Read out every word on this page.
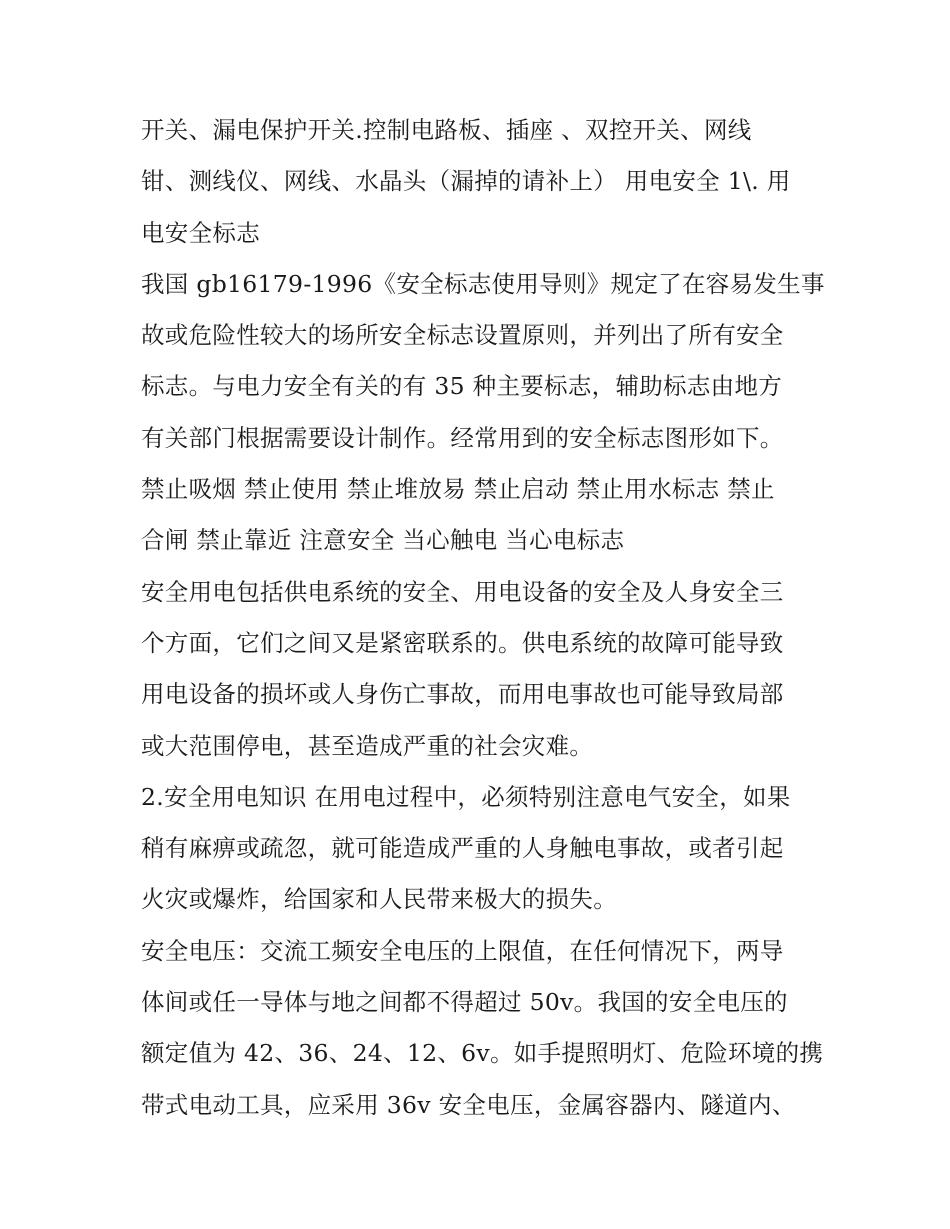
开关、漏电保护开关.控制电路板、插座 、双控开关、网线
钳、测线仪、网线、水晶头（漏掉的请补上） 用电安全 1\. 用
电安全标志
我国 gb16179-1996《安全标志使用导则》规定了在容易发生事
故或危险性较大的场所安全标志设置原则，并列出了所有安全
标志。与电力安全有关的有 35 种主要标志，辅助标志由地方
有关部门根据需要设计制作。经常用到的安全标志图形如下。
禁止吸烟 禁止使用 禁止堆放易 禁止启动 禁止用水标志 禁止
合闸 禁止靠近 注意安全 当心触电 当心电标志
安全用电包括供电系统的安全、用电设备的安全及人身安全三
个方面，它们之间又是紧密联系的。供电系统的故障可能导致
用电设备的损坏或人身伤亡事故，而用电事故也可能导致局部
或大范围停电，甚至造成严重的社会灾难。
2.安全用电知识 在用电过程中，必须特别注意电气安全，如果
稍有麻痹或疏忽，就可能造成严重的人身触电事故，或者引起
火灾或爆炸，给国家和人民带来极大的损失。
安全电压：交流工频安全电压的上限值，在任何情况下，两导
体间或任一导体与地之间都不得超过 50v。我国的安全电压的
额定值为 42、36、24、12、6v。如手提照明灯、危险环境的携
带式电动工具，应采用 36v 安全电压，金属容器内、隧道内、
